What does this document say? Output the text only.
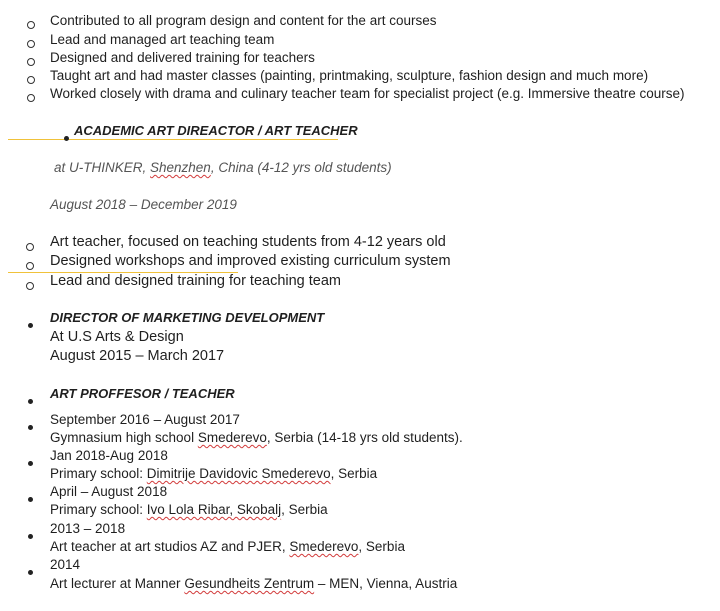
Contributed to all program design and content for the art courses
Lead and managed art teaching team
Designed and delivered training for teachers
Taught art and had master classes (painting, printmaking, sculpture, fashion design and much more)
Worked closely with drama and culinary teacher team for specialist project (e.g. Immersive theatre course)
ACADEMIC ART DIREACTOR / ART TEACHER
at U-THINKER, Shenzhen, China (4-12 yrs old students)
August 2018 – December 2019
Art teacher, focused on teaching students from 4-12 years old
Designed workshops and improved existing curriculum system
Lead and designed training for teaching team
DIRECTOR OF MARKETING DEVELOPMENT
At U.S Arts & Design
August 2015 – March 2017
ART PROFFESOR / TEACHER
September 2016 – August 2017
Gymnasium high school Smederevo, Serbia (14-18 yrs old students).
Jan 2018-Aug 2018
Primary school: Dimitrije Davidovic Smederevo, Serbia
April – August 2018
Primary school: Ivo Lola Ribar, Skobalj, Serbia
2013 – 2018
Art teacher at art studios AZ and PJER, Smederevo, Serbia
2014
Art lecturer at Manner Gesundheits Zentrum – MEN, Vienna, Austria
